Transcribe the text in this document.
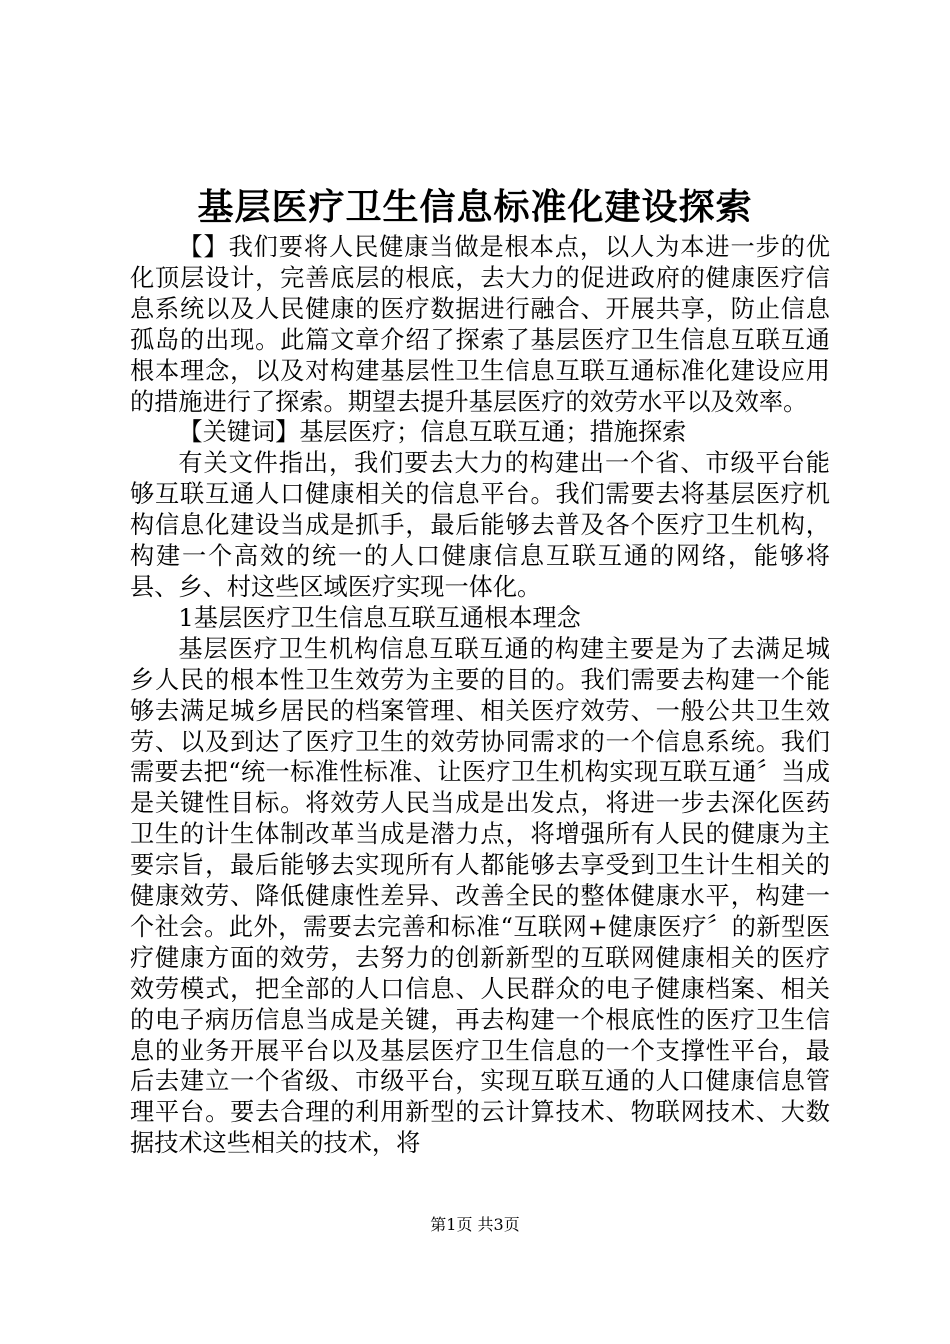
基层医疗卫生信息标准化建设探索

【】我们要将人民健康当做是根本点，以人为本进一步的优化顶层设计，完善底层的根底，去大力的促进政府的健康医疗信息系统以及人民健康的医疗数据进行融合、开展共享，防止信息孤岛的出现。此篇文章介绍了探索了基层医疗卫生信息互联互通根本理念，以及对构建基层性卫生信息互联互通标准化建设应用的措施进行了探索。期望去提升基层医疗的效劳水平以及效率。

【关键词】基层医疗；信息互联互通；措施探索

有关文件指出，我们要去大力的构建出一个省、市级平台能够互联互通人口健康相关的信息平台。我们需要去将基层医疗机构信息化建设当成是抓手，最后能够去普及各个医疗卫生机构，构建一个高效的统一的人口健康信息互联互通的网络，能够将县、乡、村这些区域医疗实现一体化。

1基层医疗卫生信息互联互通根本理念

基层医疗卫生机构信息互联互通的构建主要是为了去满足城乡人民的根本性卫生效劳为主要的目的。我们需要去构建一个能够去满足城乡居民的档案管理、相关医疗效劳、一般公共卫生效劳、以及到达了医疗卫生的效劳协同需求的一个信息系统。我们需要去把“统一标准性标准、让医疗卫生机构实现互联互通〞当成是关键性目标。将效劳人民当成是出发点，将进一步去深化医药卫生的计生体制改革当成是潜力点，将增强所有人民的健康为主要宗旨，最后能够去实现所有人都能够去享受到卫生计生相关的健康效劳、降低健康性差异、改善全民的整体健康水平，构建一个社会。此外，需要去完善和标准“互联网+健康医疗〞的新型医疗健康方面的效劳，去努力的创新新型的互联网健康相关的医疗效劳模式，把全部的人口信息、人民群众的电子健康档案、相关的电子病历信息当成是关键，再去构建一个根底性的医疗卫生信息的业务开展平台以及基层医疗卫生信息的一个支撑性平台，最后去建立一个省级、市级平台，实现互联互通的人口健康信息管理平台。要去合理的利用新型的云计算技术、物联网技术、大数据技术这些相关的技术，将

第1页 共3页
